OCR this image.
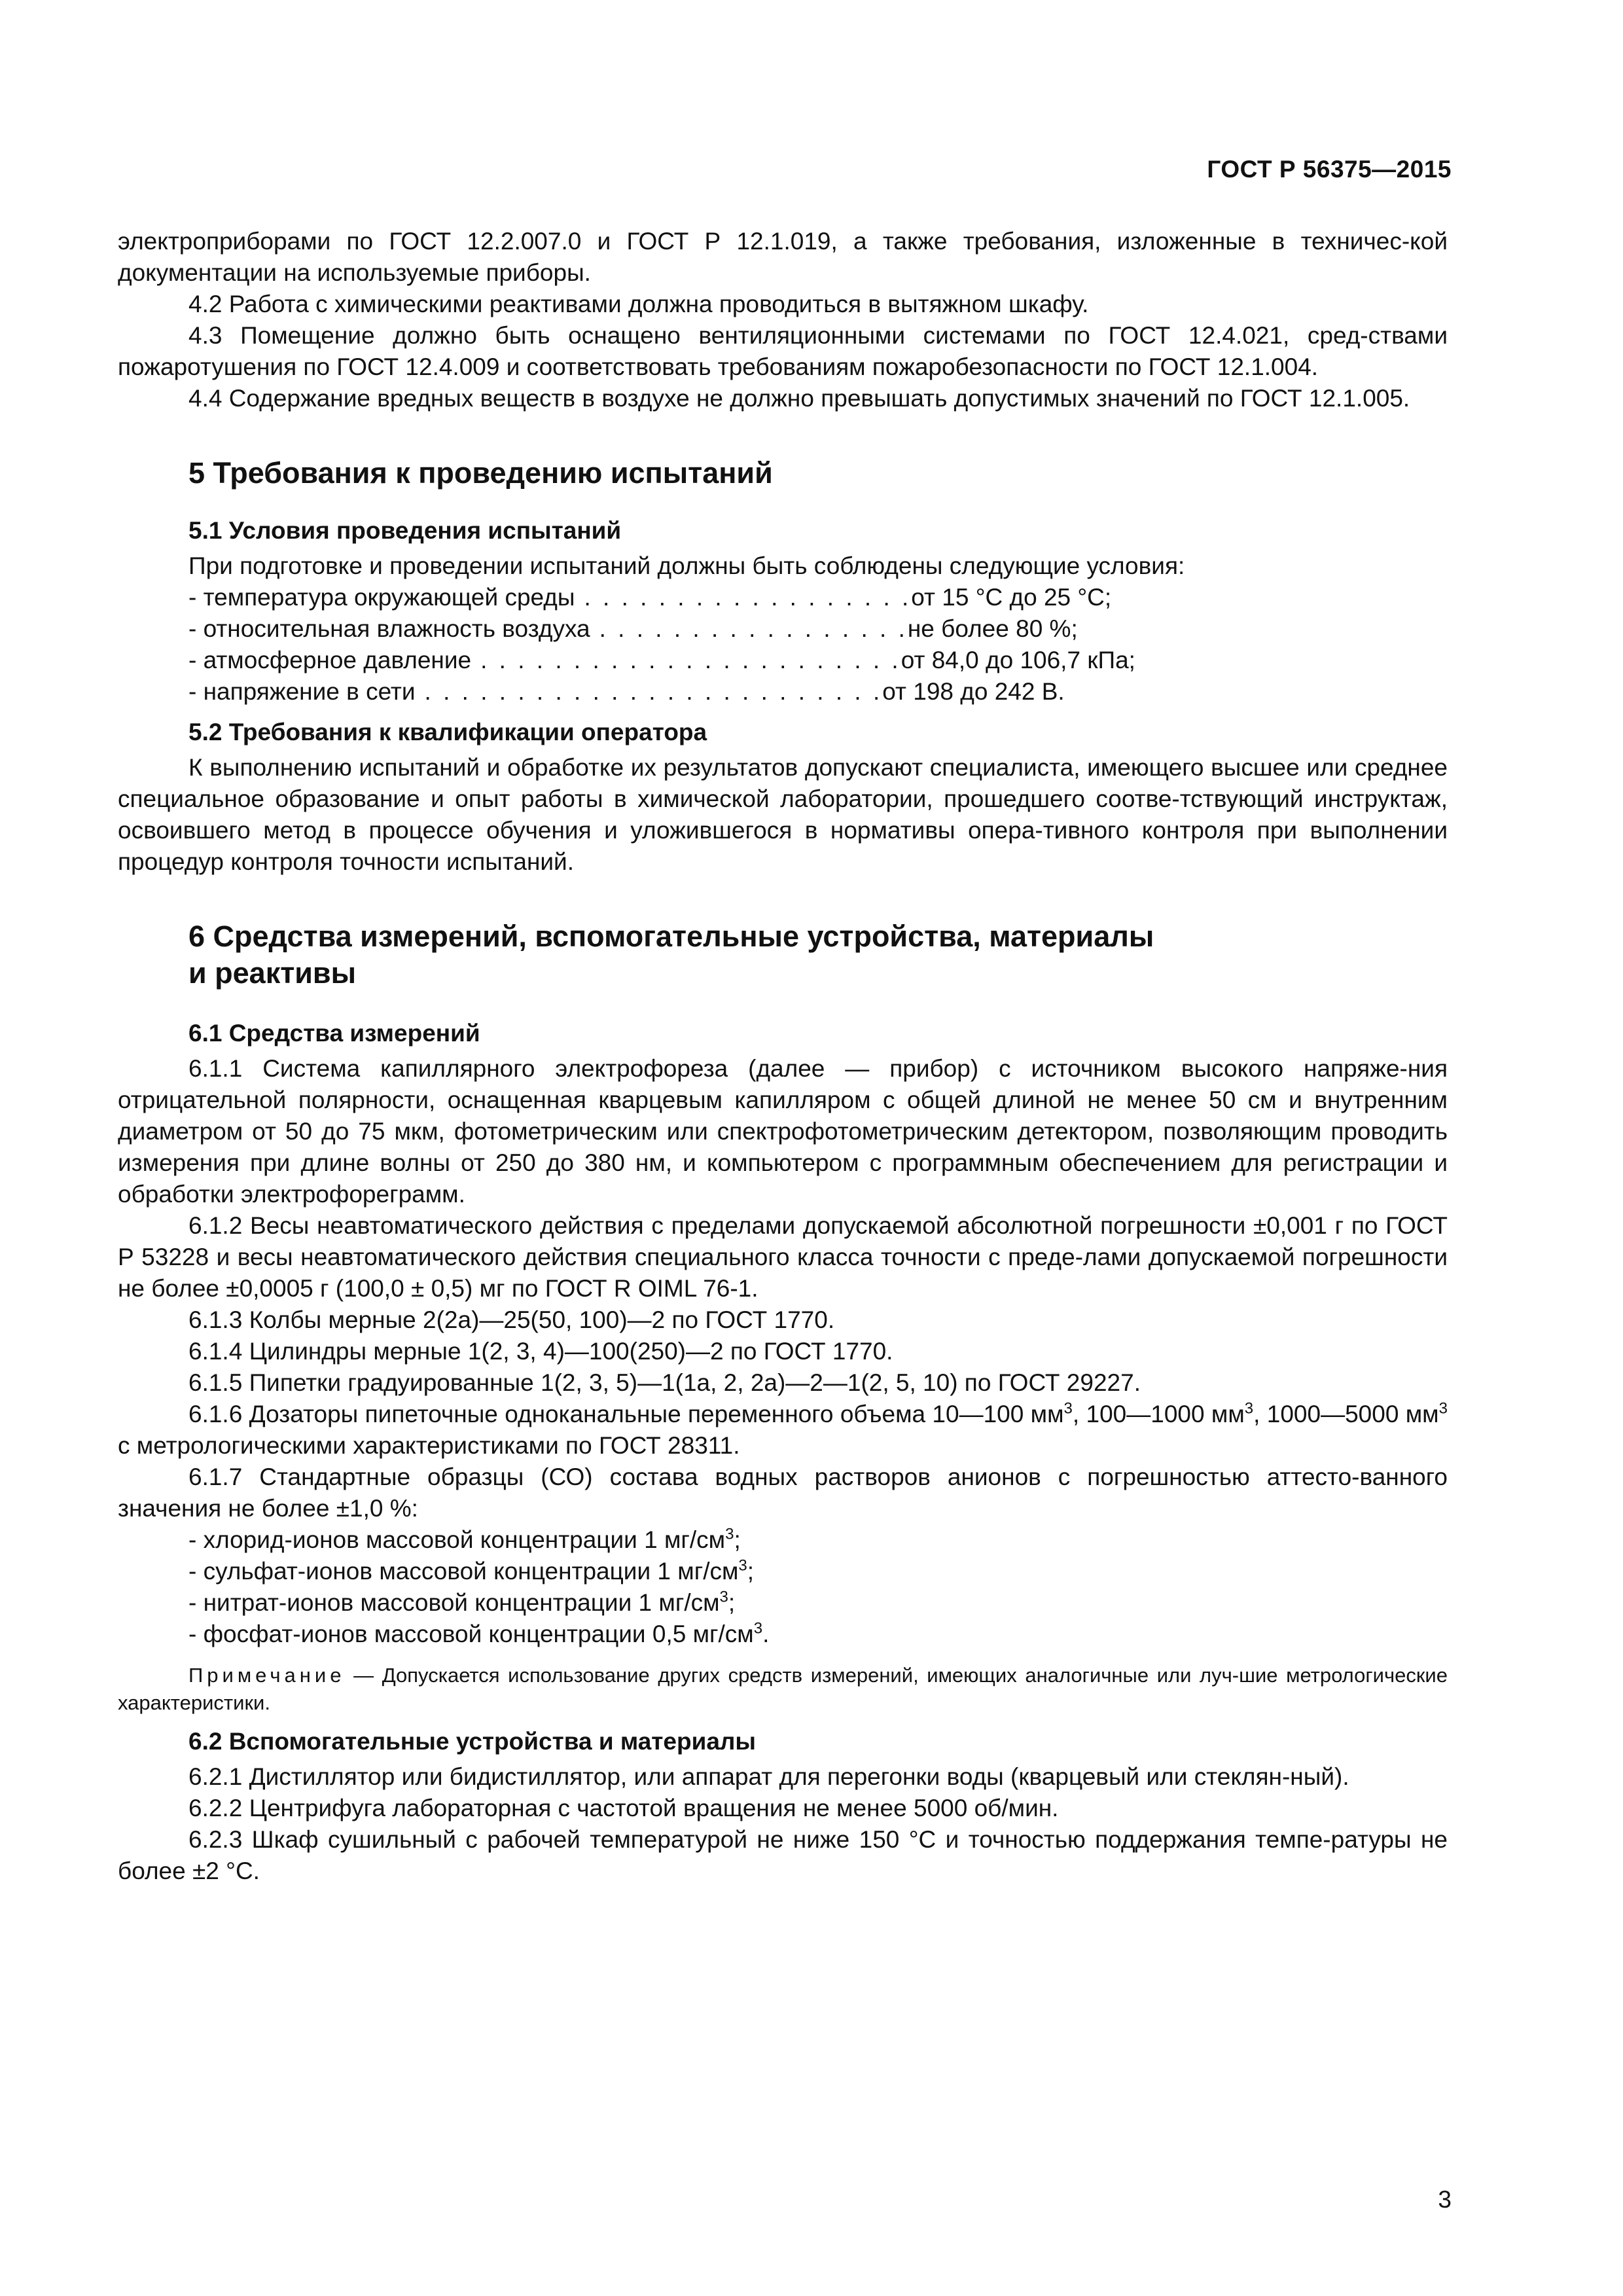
ГОСТ Р 56375—2015

электроприборами по ГОСТ 12.2.007.0 и ГОСТ Р 12.1.019, а также требования, изложенные в техничес-кой документации на используемые приборы.

4.2 Работа с химическими реактивами должна проводиться в вытяжном шкафу.

4.3 Помещение должно быть оснащено вентиляционными системами по ГОСТ 12.4.021, сред-ствами пожаротушения по ГОСТ 12.4.009 и соответствовать требованиям пожаробезопасности по ГОСТ 12.1.004.

4.4 Содержание вредных веществ в воздухе не должно превышать допустимых значений по ГОСТ 12.1.005.

5 Требования к проведению испытаний
5.1 Условия проведения испытаний

При подготовке и проведении испытаний должны быть соблюдены следующие условия:

- температура окружающей среды . . . . . . . . . . . . . . . . . . от 15 °С до 25 °С;
- относительная влажность воздуха . . . . . . . . . . . . . . . . . не более 80 %;
- атмосферное давление . . . . . . . . . . . . . . . . . . . . . . . от 84,0 до 106,7 кПа;
- напряжение в сети . . . . . . . . . . . . . . . . . . . . . . . . . от 198 до 242 В.
5.2 Требования к квалификации оператора

К выполнению испытаний и обработке их результатов допускают специалиста, имеющего высшее или среднее специальное образование и опыт работы в химической лаборатории, прошедшего соотве-тствующий инструктаж, освоившего метод в процессе обучения и уложившегося в нормативы опера-тивного контроля при выполнении процедур контроля точности испытаний.

6 Средства измерений, вспомогательные устройства, материалы
и реактивы
6.1 Средства измерений

6.1.1 Система капиллярного электрофореза (далее — прибор) с источником высокого напряже-ния отрицательной полярности, оснащенная кварцевым капилляром с общей длиной не менее 50 см и внутренним диаметром от 50 до 75 мкм, фотометрическим или спектрофотометрическим детектором, позволяющим проводить измерения при длине волны от 250 до 380 нм, и компьютером с программным обеспечением для регистрации и обработки электрофореграмм.

6.1.2 Весы неавтоматического действия с пределами допускаемой абсолютной погрешности ±0,001 г по ГОСТ Р 53228 и весы неавтоматического действия специального класса точности с преде-лами допускаемой погрешности не более ±0,0005 г (100,0 ± 0,5) мг по ГОСТ R OIML 76-1.

6.1.3 Колбы мерные 2(2а)—25(50, 100)—2 по ГОСТ 1770.

6.1.4 Цилиндры мерные 1(2, 3, 4)—100(250)—2 по ГОСТ 1770.

6.1.5 Пипетки градуированные 1(2, 3, 5)—1(1а, 2, 2а)—2—1(2, 5, 10) по ГОСТ 29227.

6.1.6 Дозаторы пипеточные одноканальные переменного объема 10—100 $мм^3$, 100—1000 $мм^3$, 1000—5000 $мм^3$ с метрологическими характеристиками по ГОСТ 28311.

6.1.7 Стандартные образцы (СО) состава водных растворов анионов с погрешностью аттесто-ванного значения не более ±1,0 %:

- хлорид-ионов массовой концентрации 1 $мг/см^3$;

- сульфат-ионов массовой концентрации 1 $мг/см^3$;

- нитрат-ионов массовой концентрации 1 $мг/см^3$;

- фосфат-ионов массовой концентрации 0,5 $мг/см^3$.

Примечание — Допускается использование других средств измерений, имеющих аналогичные или луч-шие метрологические характеристики.

6.2 Вспомогательные устройства и материалы

6.2.1 Дистиллятор или бидистиллятор, или аппарат для перегонки воды (кварцевый или стеклян-ный).

6.2.2 Центрифуга лабораторная с частотой вращения не менее 5000 об/мин.

6.2.3 Шкаф сушильный с рабочей температурой не ниже 150 °С и точностью поддержания темпе-ратуры не более ±2 °С.

3
